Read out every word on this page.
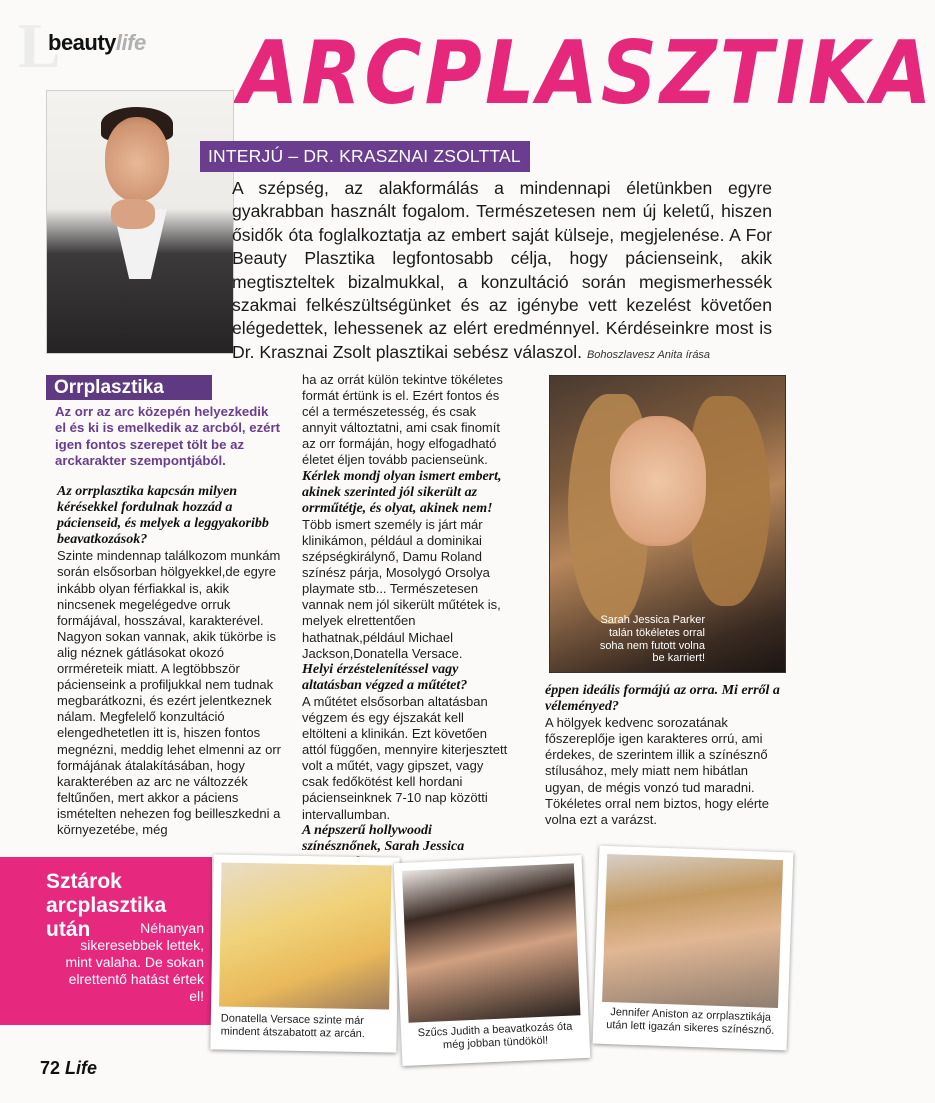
L
beautylife ARCPLASZTIKA
INTERJÚ – DR. KRASZNAI ZSOLTTAL
A szépség, az alakformálás a mindennapi életünkben egyre gyakrabban használt fogalom. Természetesen nem új keletű, hiszen ősidők óta foglalkoztatja az embert saját külseje, megjelenése. A For Beauty Plasztika legfontosabb célja, hogy pácienseink, akik megtiszteltek bizalmukkal, a konzultáció során megismerhessék szakmai felkészültségünket és az igénybe vett kezelést követően elégedettek, lehessenek az elért eredménnyel. Kérdéseinkre most is Dr. Krasznai Zsolt plasztikai sebész válaszol. Bohoszlavesz Anita írása
Orrplasztika
Az orr az arc közepén helyezkedik el és ki is emelkedik az arcból, ezért igen fontos szerepet tölt be az arckarakter szempontjából.
Az orrplasztika kapcsán milyen kérésekkel fordulnak hozzád a pácienseid, és melyek a leggyakoribb beavatkozások?

Szinte mindennap találkozom munkám során elsősorban hölgyekkel,de egyre inkább olyan férfiakkal is, akik nincsenek megelégedve orruk formájával, hosszával, karakterével. Nagyon sokan vannak, akik tükörbe is alig néznek gátlásokat okozó orrméreteik miatt. A legtöbbször pácienseink a profiljukkal nem tudnak megbarátkozni, és ezért jelentkeznek nálam. Megfelelő konzultáció elengedhetetlen itt is, hiszen fontos megnézni, meddig lehet elmenni az orr formájának átalakításában, hogy karakterében az arc ne változzék feltűnően, mert akkor a páciens ismételten nehezen fog beilleszkedni a környezetébe, még

ha az orrát külön tekintve tökéletes formát értünk is el. Ezért fontos és cél a természetesség, és csak annyit változtatni, ami csak finomít az orr formáján, hogy elfogadható életet éljen tovább pacienseünk.

Kérlek mondj olyan ismert embert, akinek szerinted jól sikerült az orrműtétje, és olyat, akinek nem!

Több ismert személy is járt már klinikámon, például a dominikai szépségkirálynő, Damu Roland színész párja, Mosolygó Orsolya playmate stb... Természetesen vannak nem jól sikerült műtétek is, melyek elrettentően hathatnak,például Michael Jackson,Donatella Versace.

Helyi érzéstelenítéssel vagy altatásban végzed a műtétet?

A műtétet elsősorban altatásban végzem és egy éjszakát kell eltölteni a klinikán. Ezt követően attól függően, mennyire kiterjesztett volt a műtét, vagy gipszet, vagy csak fedőkötést kell hordani pácienseinknek 7-10 nap közötti intervallumban.

A népszerű hollywoodi színésznőnek, Sarah Jessica
Sarah Jessica Parker talán tökéletes orral soha nem futott volna be karriert!
éppen ideális formájú az orra. Mi erről a véleményed?

A hölgyek kedvenc sorozatának főszereplője igen karakteres orrú, ami érdekes, de szerintem illik a színésznő stílusához, mely miatt nem hibátlan ugyan, de mégis vonzó tud maradni. Tökéletes orral nem biztos, hogy elérte volna ezt a varázst.

Sztárok arcplasztika után	Néhanyan sikeresebbek lettek, mint valaha. De sokan elrettentő hatást értek el!
Donatella Versace szinte már mindent átszabatott az arcán.	Szűcs Judith a beavatkozás óta még jobban tündököl!
Jennifer Aniston az orrplasztikája után lett igazán sikeres színésznő.
72 Life
